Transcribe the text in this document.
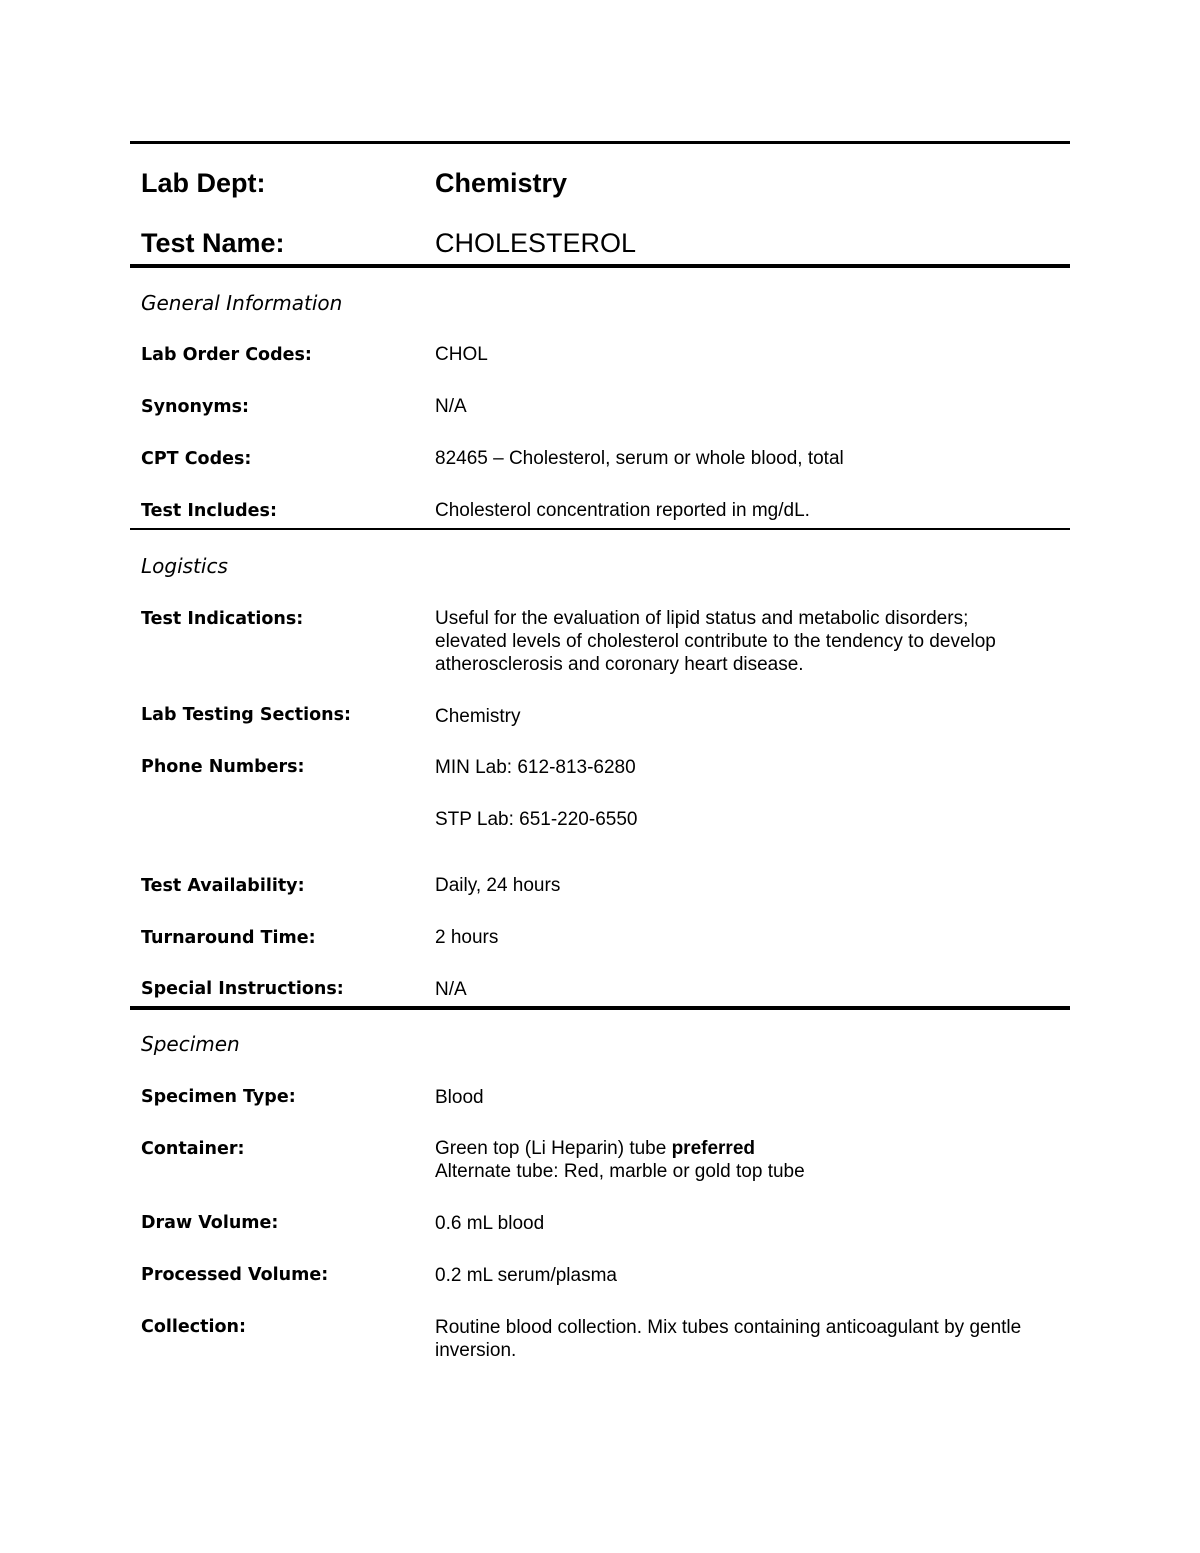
Lab Dept:	Chemistry
Test Name:	CHOLESTEROL
General Information
Lab Order Codes:	CHOL
Synonyms:	N/A
CPT Codes:	82465 – Cholesterol, serum or whole blood, total
Test Includes:	Cholesterol concentration reported in mg/dL.
Logistics
Test Indications:	Useful for the evaluation of lipid status and metabolic disorders;
elevated levels of cholesterol contribute to the tendency to develop
atherosclerosis and coronary heart disease.
Lab Testing Sections:	Chemistry
Phone Numbers:	MIN Lab: 612-813-6280
STP Lab: 651-220-6550
Test Availability:	Daily, 24 hours
Turnaround Time:	2 hours
Special Instructions:	N/A
Specimen
Specimen Type:	Blood
Container:	Green top (Li Heparin) tube preferred
Alternate tube: Red, marble or gold top tube
Draw Volume:	0.6 mL blood
Processed Volume:	0.2 mL serum/plasma
Collection:	Routine blood collection. Mix tubes containing anticoagulant by gentle
inversion.
